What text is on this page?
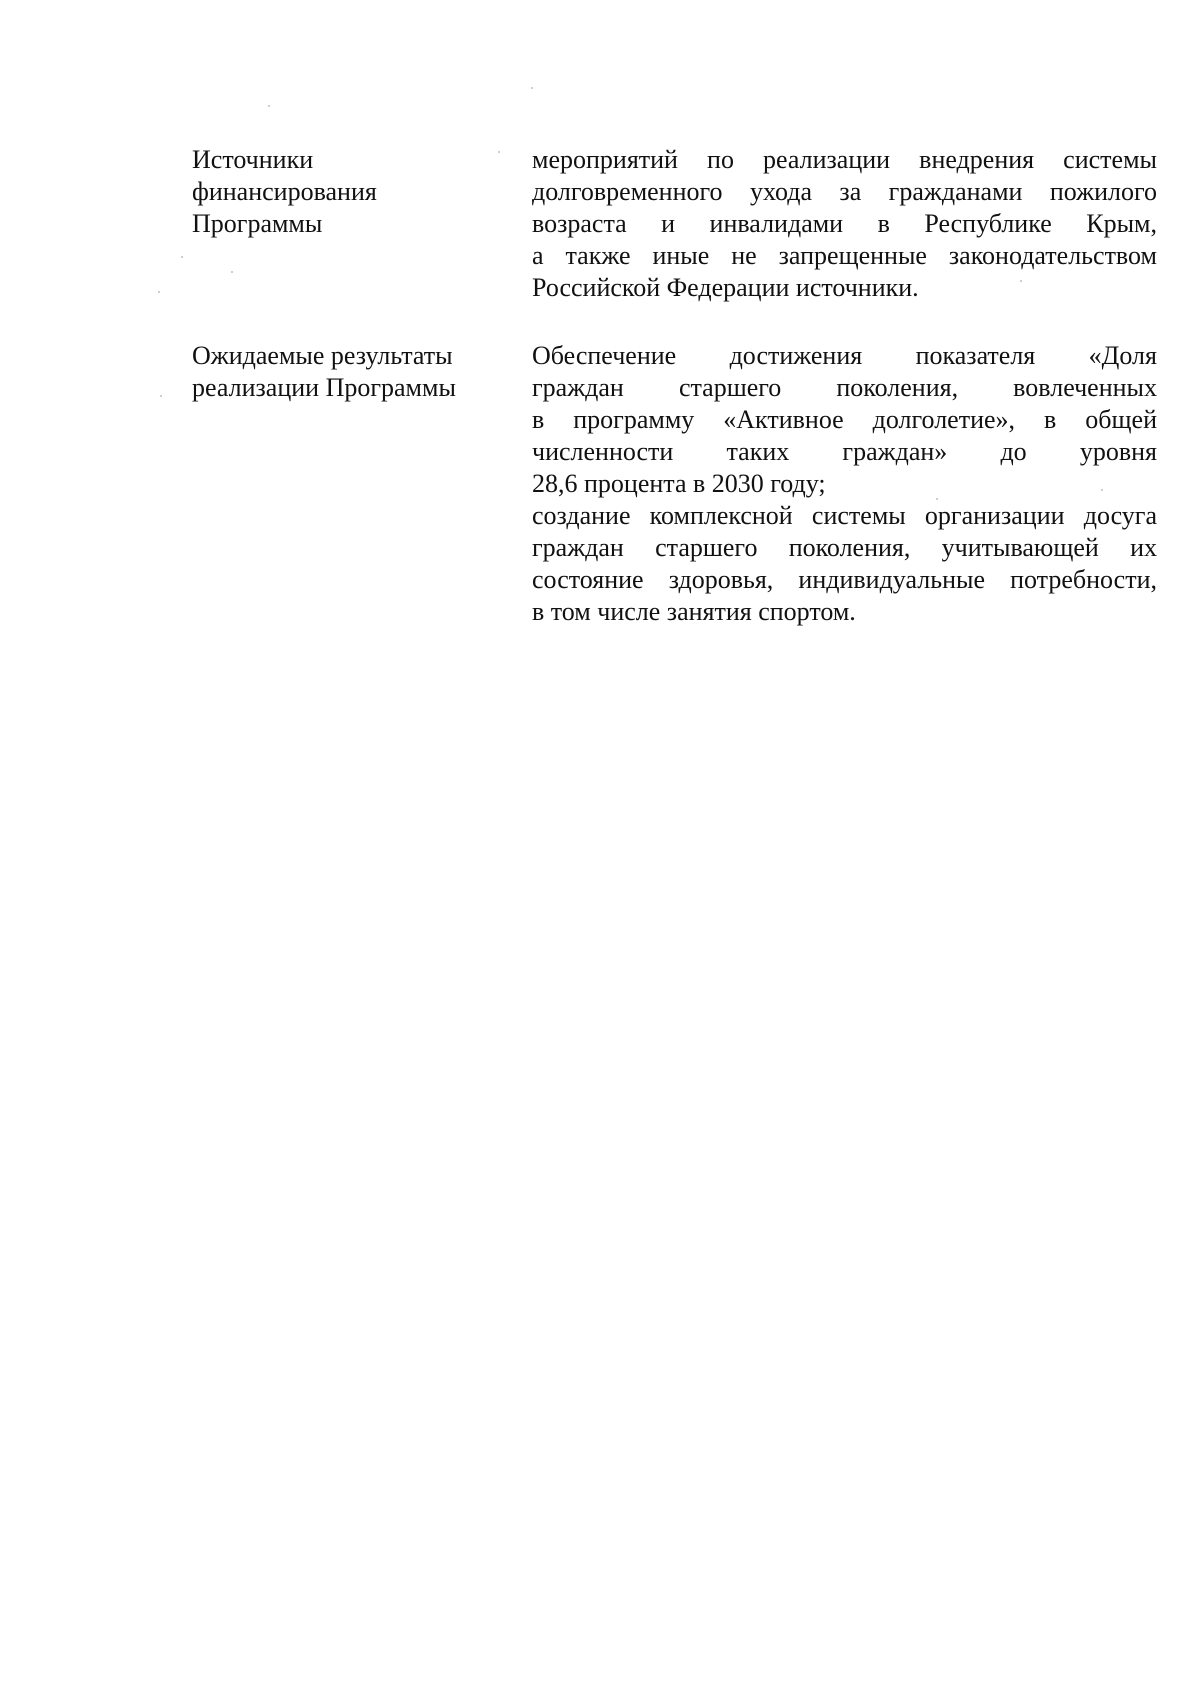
Источники
финансирования
Программы
мероприятий по реализации внедрения системы
долговременного ухода за гражданами пожилого
возраста и инвалидами в Республике Крым,
а также иные не запрещенные законодательством
Российской Федерации источники.
Ожидаемые результаты
реализации Программы
Обеспечение достижения показателя «Доля
граждан старшего поколения, вовлеченных
в программу «Активное долголетие», в общей
численности таких граждан» до уровня
28,6 процента в 2030 году;
создание комплексной системы организации досуга
граждан старшего поколения, учитывающей их
состояние здоровья, индивидуальные потребности,
в том числе занятия спортом.
